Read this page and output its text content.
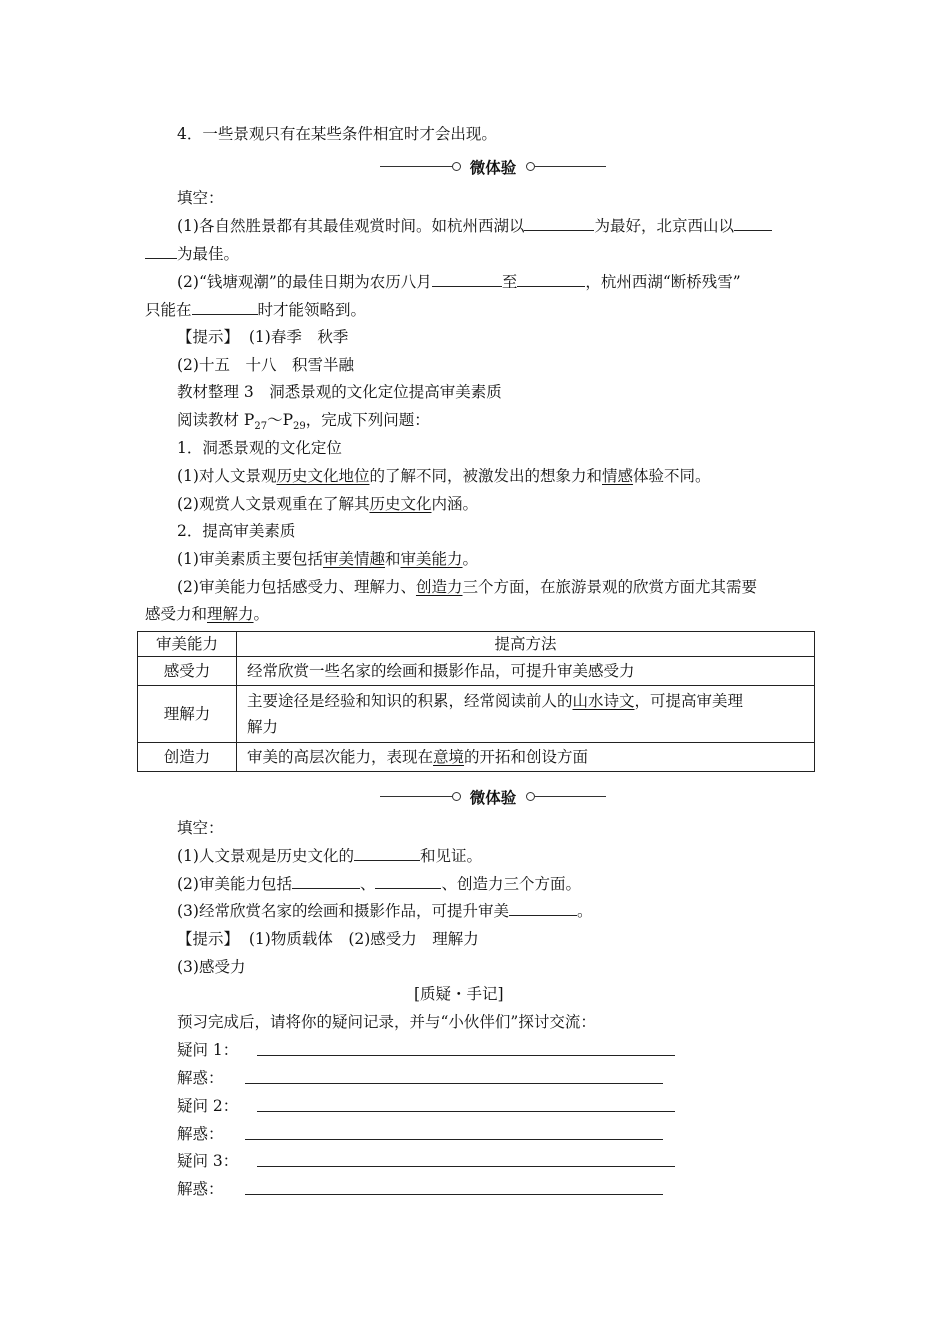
4．一些景观只有在某些条件相宜时才会出现。
微体验
填空：
(1)各自然胜景都有其最佳观赏时间。如杭州西湖以	为最好，北京西山以
为最佳。
(2)“钱塘观潮”的最佳日期为农历八月	至	，杭州西湖“断桥残雪”
只能在	时才能领略到。
【提示】 (1)春季　秋季
(2)十五　十八　积雪半融
教材整理 3　洞悉景观的文化定位提高审美素质
阅读教材 $P_{27}\sim P_{29}$，完成下列问题：
1．洞悉景观的文化定位
(1)对人文景观历史文化地位的了解不同，被激发出的想象力和情感体验不同。
(2)观赏人文景观重在了解其历史文化内涵。
2．提高审美素质
(1)审美素质主要包括审美情趣和审美能力。
(2)审美能力包括感受力、理解力、创造力三个方面，在旅游景观的欣赏方面尤其需要
感受力和理解力。
审美能力	提高方法
感受力	经常欣赏一些名家的绘画和摄影作品，可提升审美感受力
理解力	主要途径是经验和知识的积累，经常阅读前人的山水诗文，可提高审美理
解力
创造力	审美的高层次能力，表现在意境的开拓和创设方面
微体验
填空：
(1)人文景观是历史文化的	和见证。
(2)审美能力包括	、	、创造力三个方面。
(3)经常欣赏名家的绘画和摄影作品，可提升审美	。
【提示】 (1)物质载体　(2)感受力　理解力
(3)感受力
[质疑・手记]
预习完成后，请将你的疑问记录，并与“小伙伴们”探讨交流：
疑问 1：
解惑：
疑问 2：
解惑：
疑问 3：
解惑：
